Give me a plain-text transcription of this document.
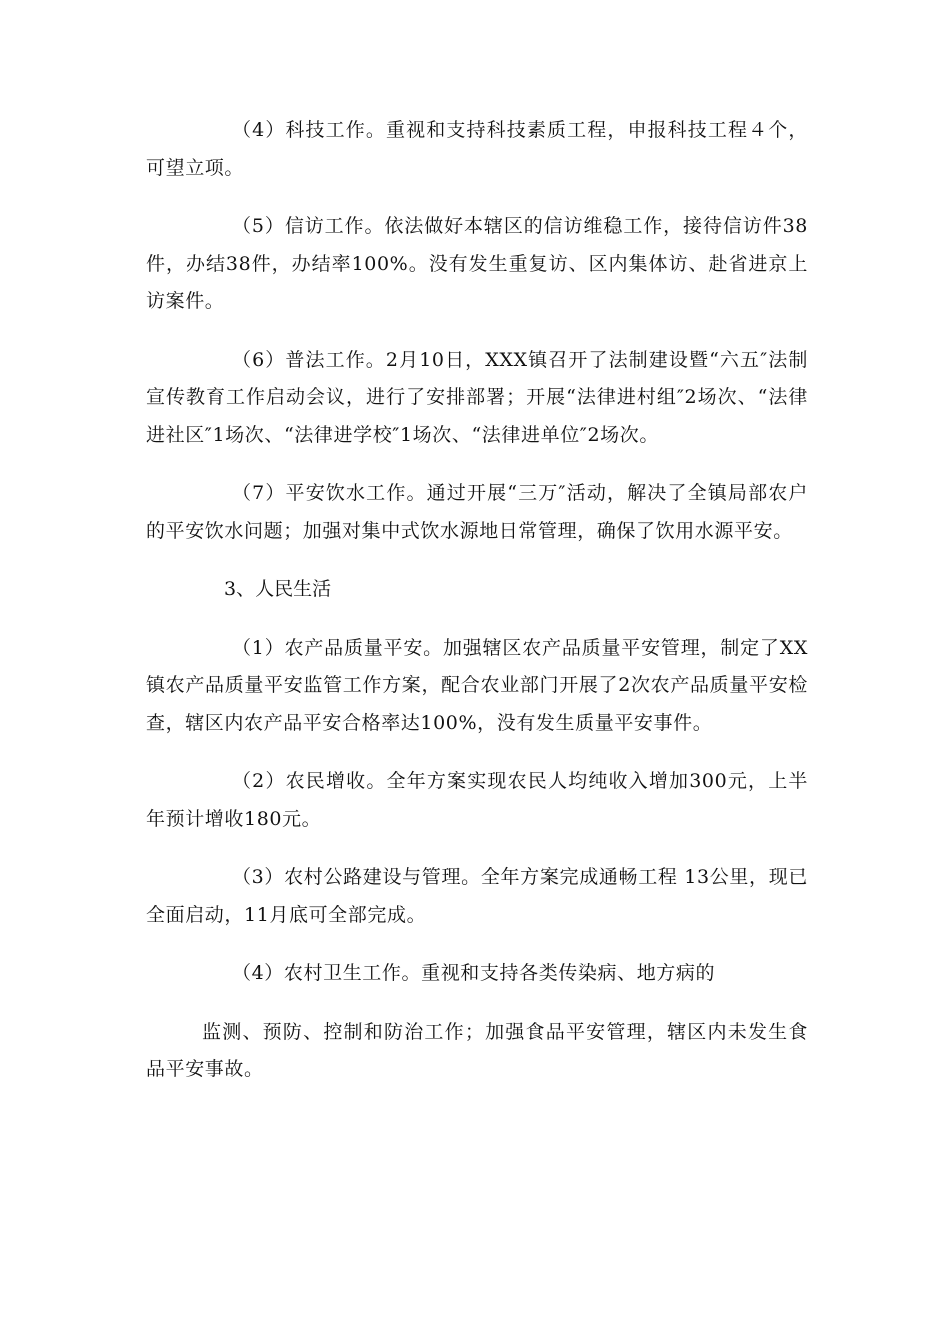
（4）科技工作。重视和支持科技素质工程，申报科技工程４个，可望立项。

（5）信访工作。依法做好本辖区的信访维稳工作，接待信访件38件，办结38件，办结率100%。没有发生重复访、区内集体访、赴省进京上访案件。

（6）普法工作。2月10日，XXX镇召开了法制建设暨“六五″法制宣传教育工作启动会议，进行了安排部署；开展“法律进村组″2场次、“法律进社区″1场次、“法律进学校″1场次、“法律进单位″2场次。

（7）平安饮水工作。通过开展“三万″活动，解决了全镇局部农户的平安饮水问题；加强对集中式饮水源地日常管理，确保了饮用水源平安。

3、人民生活

（1）农产品质量平安。加强辖区农产品质量平安管理，制定了XX镇农产品质量平安监管工作方案，配合农业部门开展了2次农产品质量平安检查，辖区内农产品平安合格率达100%，没有发生质量平安事件。

（2）农民增收。全年方案实现农民人均纯收入增加300元，上半年预计增收180元。

（3）农村公路建设与管理。全年方案完成通畅工程 13公里，现已全面启动，11月底可全部完成。

（4）农村卫生工作。重视和支持各类传染病、地方病的

监测、预防、控制和防治工作；加强食品平安管理，辖区内未发生食品平安事故。
